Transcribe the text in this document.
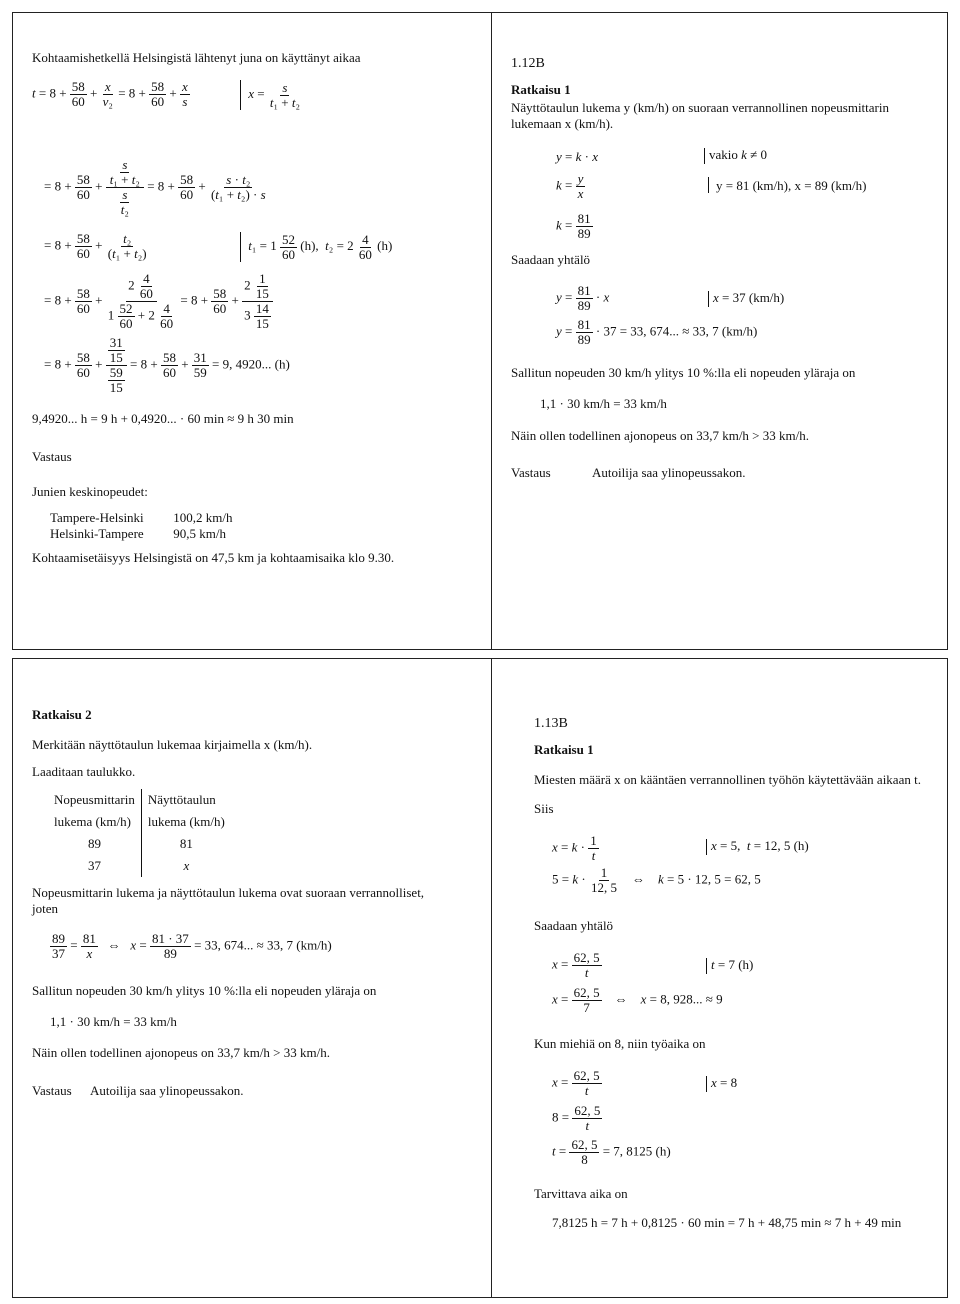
Kohtaamishetkellä Helsingistä lähtenyt juna on käyttänyt aikaa
$t = 8 + \frac{58}{60} + \frac{x}{\text{v₂}} = 8 + \frac{58}{60} + \frac{x}{s}$	$x = \frac{s}{\text{t₁ + t₂}}$
= $8 + \frac{58}{60} + \frac{\frac{s}{\text{t₁ + t₂}}}{\frac{s}{\text{t₂}}} = 8 + \frac{58}{60} + \frac{\text{s · t₂}}{\text{(t₁ + t₂) · s}}$
= $8 + \frac{58}{60} + \frac{\text{t₂}}{\text{(t₁ + t₂)}}$	$t_1 = 1 \frac{52}{60} (h)$,  $t_2 = 2 \frac{4}{60} (h)$
= $8 + \frac{58}{60} + \frac{2 \frac{4}{60}}{1 \frac{52}{60} + 2 \frac{4}{60}} = 8 + \frac{58}{60} + \frac{2 \frac{1}{15}}{3 \frac{14}{15}}$
= $8 + \frac{58}{60} + \frac{\frac{31}{15}}{\frac{59}{15}} = 8 + \frac{58}{60} + \frac{31}{59} = 9$, 4920... (h)
9,4920... h = 9 h + 0,4920... · 60 min ≈ 9 h 30 min
Vastaus
Junien keskinopeudet:
Tampere-Helsinki 100,2 km/h
Helsinki-Tampere 90,5 km/h
Kohtaamisetäisyys Helsingistä on 47,5 km ja kohtaamisaika klo 9.30.
1.12B
Ratkaisu 1
Näyttötaulun lukema y (km/h) on suoraan verrannollinen nopeusmittarin
lukemaan x (km/h).
y = k · x	vakio k ≠ 0
$k = \frac{y}{x}$	y = 81 (km/h), x = 89 (km/h)
$k = \frac{81}{89}$
Saadaan yhtälö
$y = \frac{81}{89} \cdot x$	x = 37 (km/h)
$y = \frac{81}{89} \cdot 37 = 33$, 674... ≈ 33, 7 (km/h)
Sallitun nopeuden 30 km/h ylitys 10 %:lla eli nopeuden yläraja on
1,1 · 30 km/h = 33 km/h
Näin ollen todellinen ajonopeus on 33,7 km/h > 33 km/h.
Vastaus	Autoilija saa ylinopeussakon.
Ratkaisu 2
Merkitään näyttötaulun lukemaa kirjaimella x (km/h).
Laaditaan taulukko.
Nopeusmittarin	Näyttötaulun
lukema (km/h)	lukema (km/h)
89	81
37	x
Nopeusmittarin lukema ja näyttötaulun lukema ovat suoraan verrannolliset,
joten
$\frac{89}{37} = \frac{81}{x}$ ⇔   $x = \frac{81 \cdot 37}{89} = 33$, 674... ≈ 33, 7 (km/h)
Sallitun nopeuden 30 km/h ylitys 10 %:lla eli nopeuden yläraja on
1,1 · 30 km/h = 33 km/h
Näin ollen todellinen ajonopeus on 33,7 km/h > 33 km/h.
Vastaus Autoilija saa ylinopeussakon.
1.13B
Ratkaisu 1
Miesten määrä x on kääntäen verrannollinen työhön käytettävään aikaan t.
Siis
$x = k \cdot \frac{1}{t}$	x = 5,  t = 12, 5 (h)
$5 = k \cdot \frac{1}{12, 5}$ ⇔    k = 5 · 12, 5 = 62, 5
Saadaan yhtälö
$x = \frac{62, 5}{t}$	t = 7 (h)
$x = \frac{62, 5}{7}$ ⇔    x = 8, 928... ≈ 9
Kun miehiä on 8, niin työaika on
$x = \frac{62, 5}{t}$	x = 8
$8 = \frac{62, 5}{t}$
$t = \frac{62, 5}{8} = 7$, 8125 (h)
Tarvittava aika on
7,8125 h = 7 h + 0,8125 · 60 min = 7 h + 48,75 min ≈ 7 h + 49 min
